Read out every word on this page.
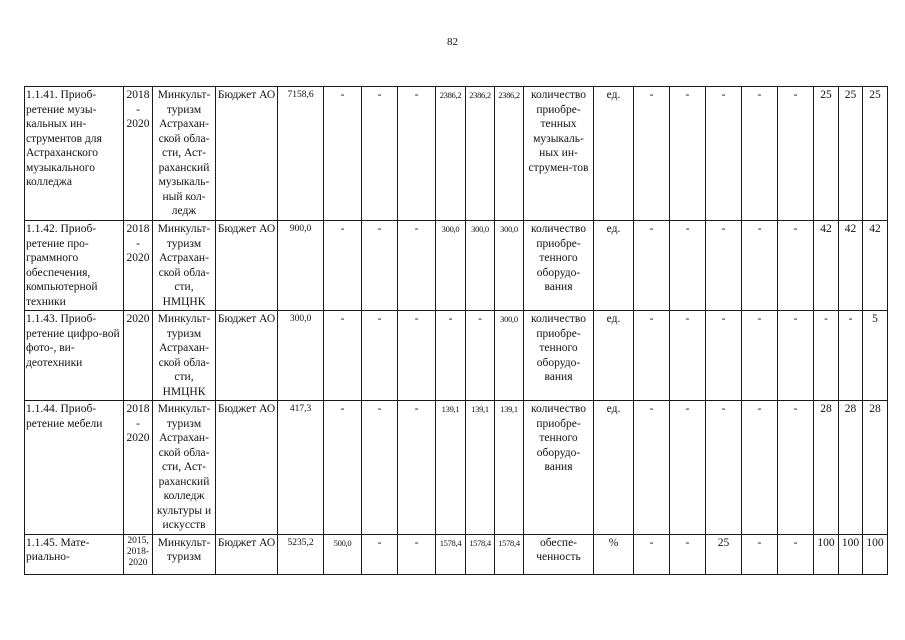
82
1.1.41. Приоб-ретение музы-кальных ин-струментов для Астраханского музыкального колледжа	2018 - 2020	Минкульт-туризм Астрахан-ской обла-сти, Аст-раханский музыкаль-ный кол-ледж	Бюджет АО	7158,6	-	-	-	2386,2	2386,2	2386,2	количество приобре-тенных музыкаль-ных ин-струмен-тов	ед.	-	-	-	-	-	25	25	25
1.1.42. Приоб-ретение про-граммного обеспечения, компьютерной техники	2018 - 2020	Минкульт-туризм Астрахан-ской обла-сти, НМЦНК	Бюджет АО	900,0	-	-	-	300,0	300,0	300,0	количество приобре-тенного оборудо-вания	ед.	-	-	-	-	-	42	42	42
1.1.43. Приоб-ретение цифро-вой фото-, ви-деотехники	2020	Минкульт-туризм Астрахан-ской обла-сти, НМЦНК	Бюджет АО	300,0	-	-	-	-	-	300,0	количество приобре-тенного оборудо-вания	ед.	-	-	-	-	-	-	-	5
1.1.44. Приоб-ретение мебели	2018 - 2020	Минкульт-туризм Астрахан-ской обла-сти, Аст-раханский колледж культуры и искусств	Бюджет АО	417,3	-	-	-	139,1	139,1	139,1	количество приобре-тенного оборудо-вания	ед.	-	-	-	-	-	28	28	28
1.1.45. Мате-риально-	2015, 2018-2020	Минкульт-туризм	Бюджет АО	5235,2	500,0	-	-	1578,4	1578,4	1578,4	обеспе-ченность	%	-	-	25	-	-	100	100	100
